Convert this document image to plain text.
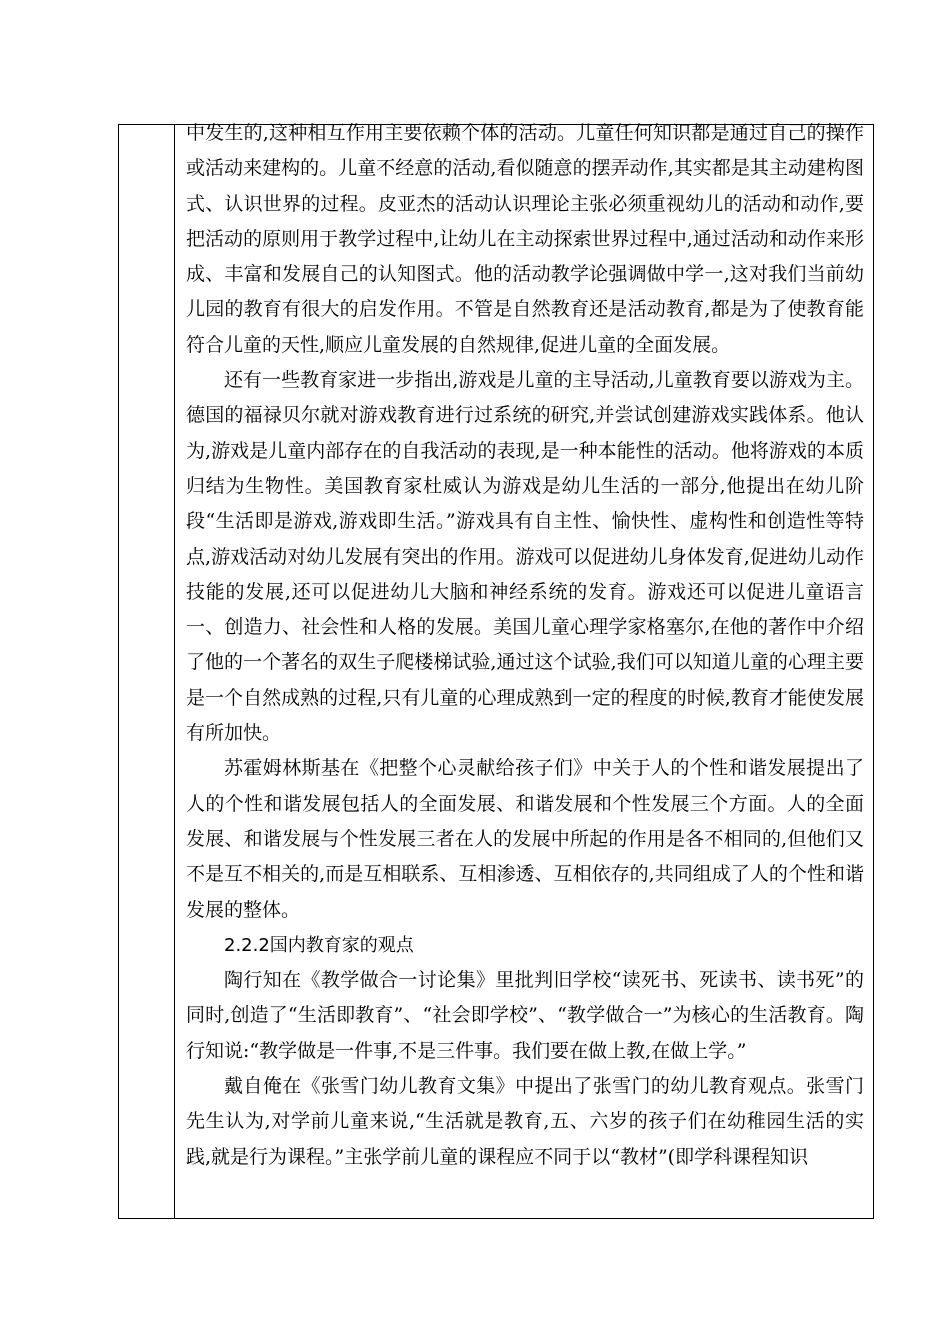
中发生的,这种相互作用主要依赖个体的活动。儿童任何知识都是通过自己的操作或活动来建构的。儿童不经意的活动,看似随意的摆弄动作,其实都是其主动建构图式、认识世界的过程。皮亚杰的活动认识理论主张必须重视幼儿的活动和动作,要把活动的原则用于教学过程中,让幼儿在主动探索世界过程中,通过活动和动作来形成、丰富和发展自己的认知图式。他的活动教学论强调做中学一,这对我们当前幼儿园的教育有很大的启发作用。不管是自然教育还是活动教育,都是为了使教育能符合儿童的天性,顺应儿童发展的自然规律,促进儿童的全面发展。

还有一些教育家进一步指出,游戏是儿童的主导活动,儿童教育要以游戏为主。德国的福禄贝尔就对游戏教育进行过系统的研究,并尝试创建游戏实践体系。他认为,游戏是儿童内部存在的自我活动的表现,是一种本能性的活动。他将游戏的本质归结为生物性。美国教育家杜威认为游戏是幼儿生活的一部分,他提出在幼儿阶段“生活即是游戏,游戏即生活。”游戏具有自主性、愉快性、虚构性和创造性等特点,游戏活动对幼儿发展有突出的作用。游戏可以促进幼儿身体发育,促进幼儿动作技能的发展,还可以促进幼儿大脑和神经系统的发育。游戏还可以促进儿童语言一、创造力、社会性和人格的发展。美国儿童心理学家格塞尔,在他的著作中介绍了他的一个著名的双生子爬楼梯试验,通过这个试验,我们可以知道儿童的心理主要是一个自然成熟的过程,只有儿童的心理成熟到一定的程度的时候,教育才能使发展有所加快。

苏霍姆林斯基在《把整个心灵献给孩子们》中关于人的个性和谐发展提出了人的个性和谐发展包括人的全面发展、和谐发展和个性发展三个方面。人的全面发展、和谐发展与个性发展三者在人的发展中所起的作用是各不相同的,但他们又不是互不相关的,而是互相联系、互相渗透、互相依存的,共同组成了人的个性和谐发展的整体。

2.2.2国内教育家的观点

陶行知在《教学做合一讨论集》里批判旧学校“读死书、死读书、读书死”的同时,创造了“生活即教育”、“社会即学校”、“教学做合一”为核心的生活教育。陶行知说:“教学做是一件事,不是三件事。我们要在做上教,在做上学。”

戴自俺在《张雪门幼儿教育文集》中提出了张雪门的幼儿教育观点。张雪门先生认为,对学前儿童来说,“生活就是教育,五、六岁的孩子们在幼稚园生活的实践,就是行为课程。”主张学前儿童的课程应不同于以“教材”(即学科课程知识
